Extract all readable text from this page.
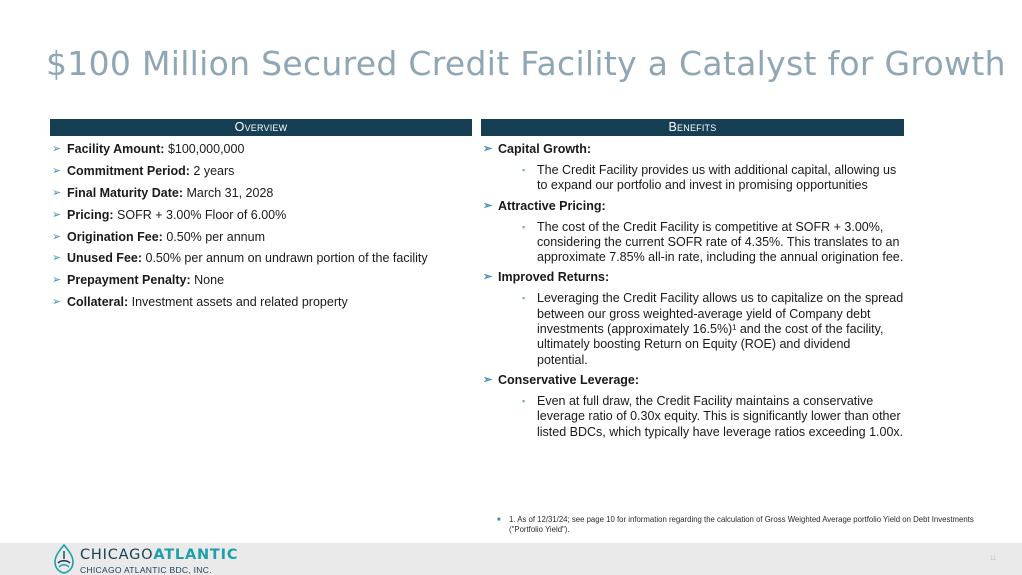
$100 Million Secured Credit Facility a Catalyst for Growth
Overview	Benefits
➢ Facility Amount: $100,000,000
➢ Commitment Period: 2 years
➢ Final Maturity Date: March 31, 2028
➢ Pricing: SOFR + 3.00% Floor of 6.00%
➢ Origination Fee: 0.50% per annum
➢ Unused Fee: 0.50% per annum on undrawn portion of the facility
➢ Prepayment Penalty: None
➢ Collateral: Investment assets and related property
➢ Capital Growth:
▪ The Credit Facility provides us with additional capital, allowing us to expand our portfolio and invest in promising opportunities
➢ Attractive Pricing:
▪ The cost of the Credit Facility is competitive at SOFR + 3.00%, considering the current SOFR rate of 4.35%. This translates to an approximate 7.85% all-in rate, including the annual origination fee.
➢ Improved Returns:
▪ Leveraging the Credit Facility allows us to capitalize on the spread between our gross weighted-average yield of Company debt investments (approximately 16.5%)¹ and the cost of the facility, ultimately boosting Return on Equity (ROE) and dividend potential.
➢ Conservative Leverage:
▪ Even at full draw, the Credit Facility maintains a conservative leverage ratio of 0.30x equity. This is significantly lower than other listed BDCs, which typically have leverage ratios exceeding 1.00x.
■	1. As of 12/31/24; see page 10 for information regarding the calculation of Gross Weighted Average portfolio Yield on Debt Investments ("Portfolio Yield").
CHICAGOATLANTIC
CHICAGO ATLANTIC BDC, INC.
11
